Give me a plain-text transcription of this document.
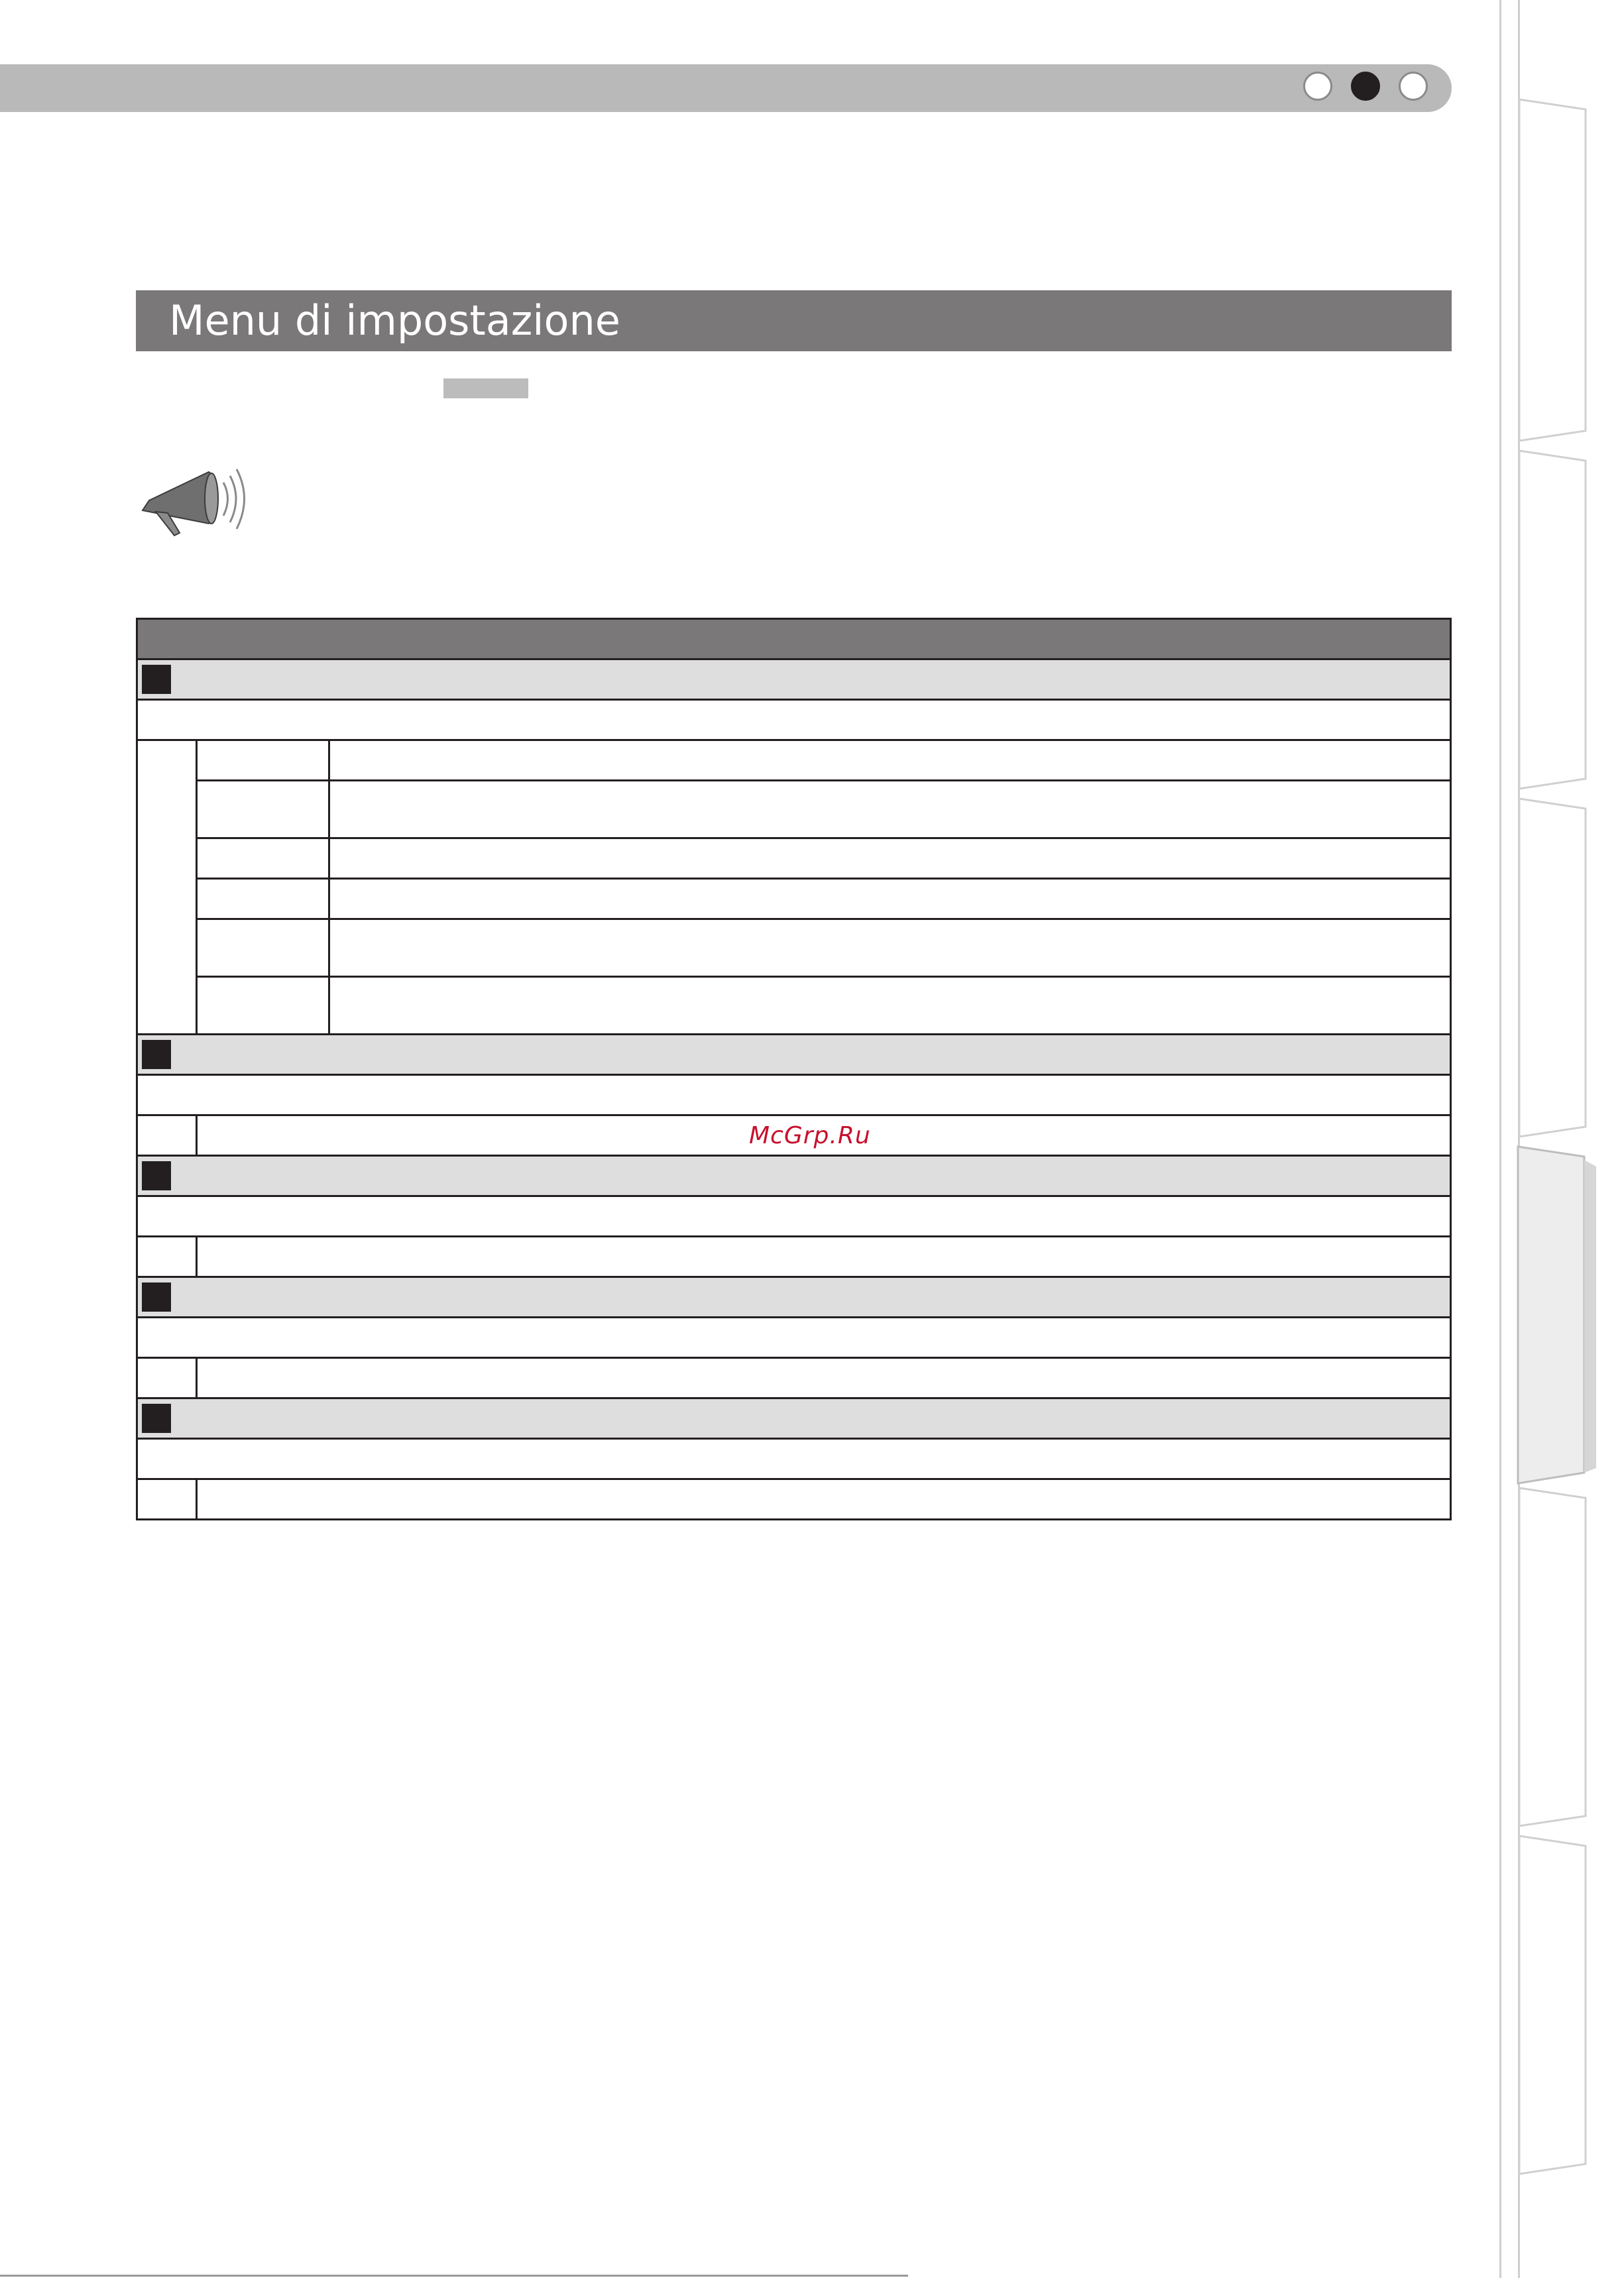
Menu di impostazione

McGrp.Ru
